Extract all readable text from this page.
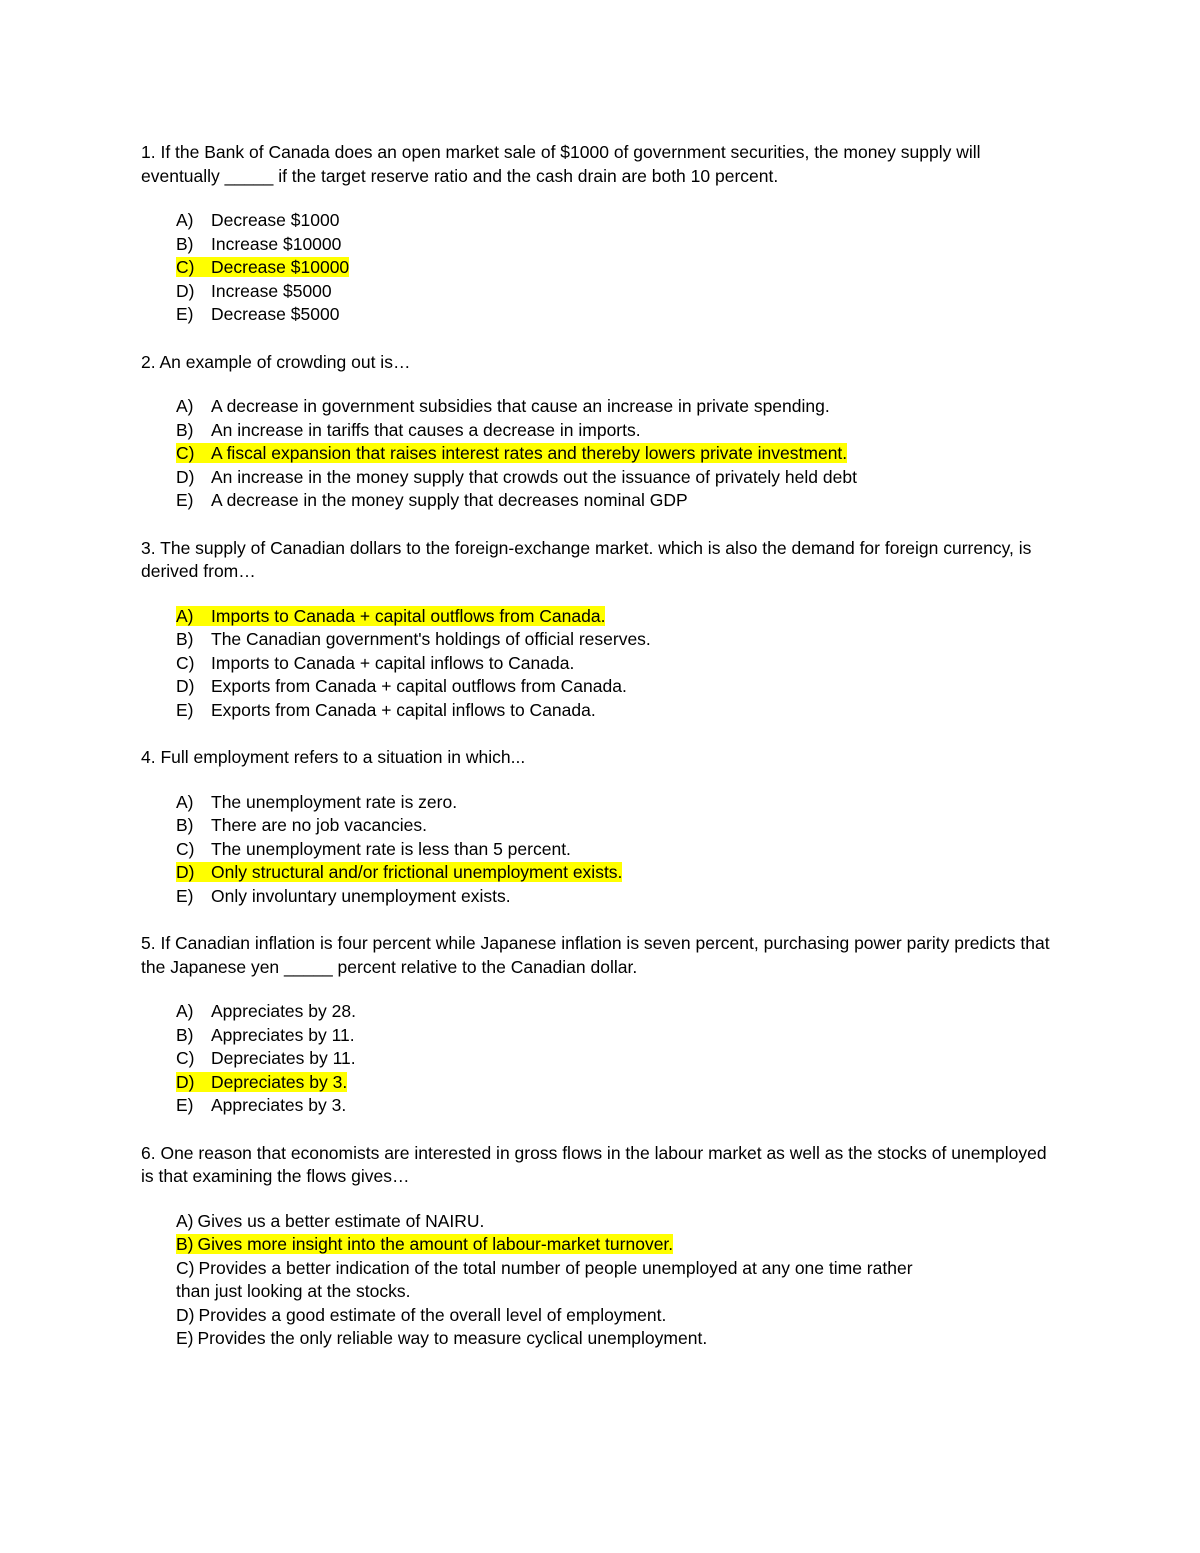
1. If the Bank of Canada does an open market sale of $1000 of government securities, the money supply will eventually _____ if the target reserve ratio and the cash drain are both 10 percent.
A) Decrease $1000
B) Increase $10000
C) Decrease $10000
D) Increase $5000
E) Decrease $5000
2. An example of crowding out is…
A) A decrease in government subsidies that cause an increase in private spending.
B) An increase in tariffs that causes a decrease in imports.
C) A fiscal expansion that raises interest rates and thereby lowers private investment.
D) An increase in the money supply that crowds out the issuance of privately held debt
E) A decrease in the money supply that decreases nominal GDP
3. The supply of Canadian dollars to the foreign-exchange market. which is also the demand for foreign currency, is derived from…
A) Imports to Canada + capital outflows from Canada.
B) The Canadian government's holdings of official reserves.
C) Imports to Canada + capital inflows to Canada.
D) Exports from Canada + capital outflows from Canada.
E) Exports from Canada + capital inflows to Canada.
4. Full employment refers to a situation in which...
A) The unemployment rate is zero.
B) There are no job vacancies.
C) The unemployment rate is less than 5 percent.
D) Only structural and/or frictional unemployment exists.
E) Only involuntary unemployment exists.
5. If Canadian inflation is four percent while Japanese inflation is seven percent, purchasing power parity predicts that the Japanese yen _____ percent relative to the Canadian dollar.
A) Appreciates by 28.
B) Appreciates by 11.
C) Depreciates by 11.
D) Depreciates by 3.
E) Appreciates by 3.
6. One reason that economists are interested in gross flows in the labour market as well as the stocks of unemployed is that examining the flows gives…
A) Gives us a better estimate of NAIRU.
B) Gives more insight into the amount of labour-market turnover.
C) Provides a better indication of the total number of people unemployed at any one time rather than just looking at the stocks.
D) Provides a good estimate of the overall level of employment.
E) Provides the only reliable way to measure cyclical unemployment.
